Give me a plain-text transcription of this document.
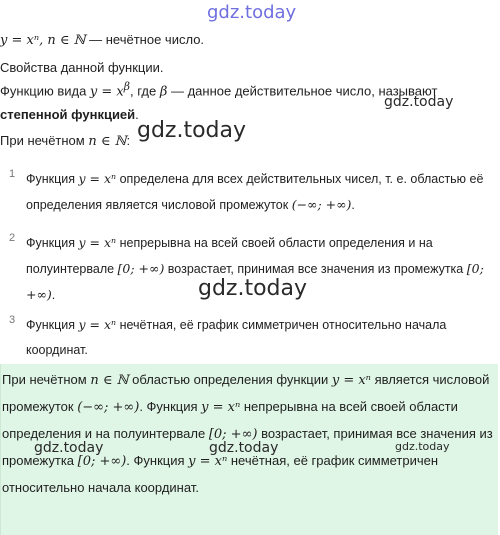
gdz.today
gdz.today
gdz.today
gdz.today
y = xⁿ, n ∈ ℕ — нечётное число.
Свойства данной функции.
Функцию вида $y = x^\beta$, где β — данное действительное число, называют
степенной функцией.
При нечётном n ∈ ℕ:
1 Функция y = xⁿ определена для всех действительных чисел, т. е. областью её определения является числовой промежуток (−∞; +∞).
2 Функция y = xⁿ непрерывна на всей своей области определения и на полуинтервале [0; +∞) возрастает, принимая все значения из промежутка [0; +∞).
3 Функция y = xⁿ нечётная, её график симметричен относительно начала координат.
При нечётном n ∈ ℕ областью определения функции y = xⁿ является числовой промежуток (−∞; +∞). Функция y = xⁿ непрерывна на всей своей области определения и на полуинтервале [0; +∞) возрастает, принимая все значения из промежутка [0; +∞). Функция y = xⁿ нечётная, её график симметричен относительно начала координат.
gdz.today	gdz.today	gdz.today
